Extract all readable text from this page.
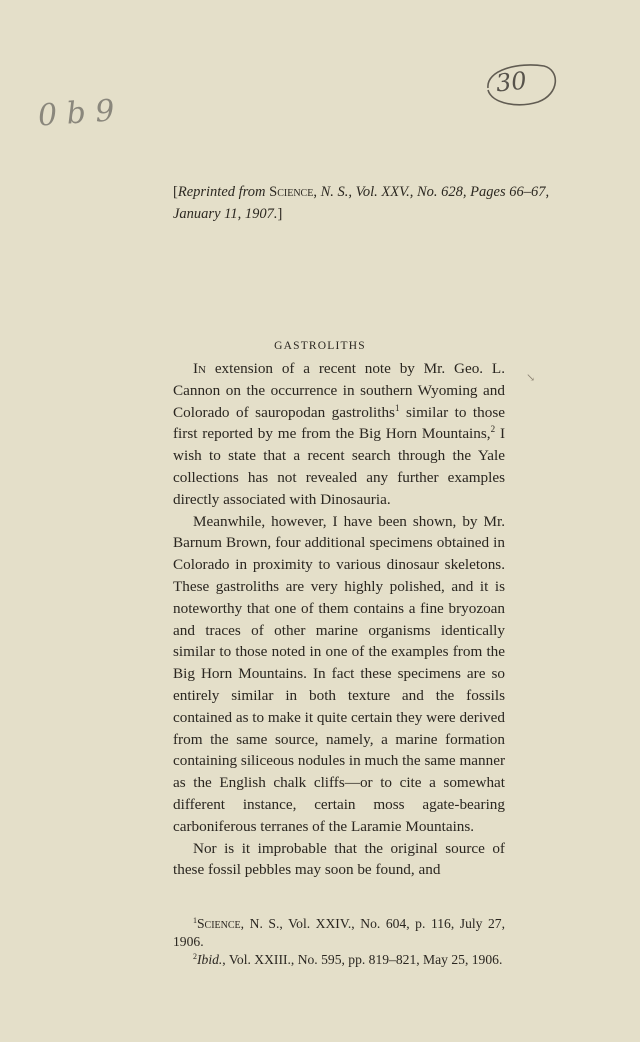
0 b 9
30
[Reprinted from Science, N. S., Vol. XXV., No. 628, Pages 66–67, January 11, 1907.]
GASTROLITHS
↘

In extension of a recent note by Mr. Geo. L. Cannon on the occurrence in southern Wyoming and Colorado of sauropodan gastroliths$^1$ similar to those first reported by me from the Big Horn Mountains,$^2$ I wish to state that a recent search through the Yale collections has not revealed any further examples directly associated with Dinosauria.

Meanwhile, however, I have been shown, by Mr. Barnum Brown, four additional specimens obtained in Colorado in proximity to various dinosaur skeletons. These gastroliths are very highly polished, and it is noteworthy that one of them contains a fine bryozoan and traces of other marine organisms identically similar to those noted in one of the examples from the Big Horn Mountains. In fact these specimens are so entirely similar in both texture and the fossils contained as to make it quite certain they were derived from the same source, namely, a marine formation containing siliceous nodules in much the same manner as the English chalk cliffs—or to cite a somewhat different instance, certain moss agate-bearing carboniferous terranes of the Laramie Mountains.

Nor is it improbable that the original source of these fossil pebbles may soon be found, and

$^1$Science, N. S., Vol. XXIV., No. 604, p. 116, July 27, 1906.

$^2$Ibid., Vol. XXIII., No. 595, pp. 819–821, May 25, 1906.
